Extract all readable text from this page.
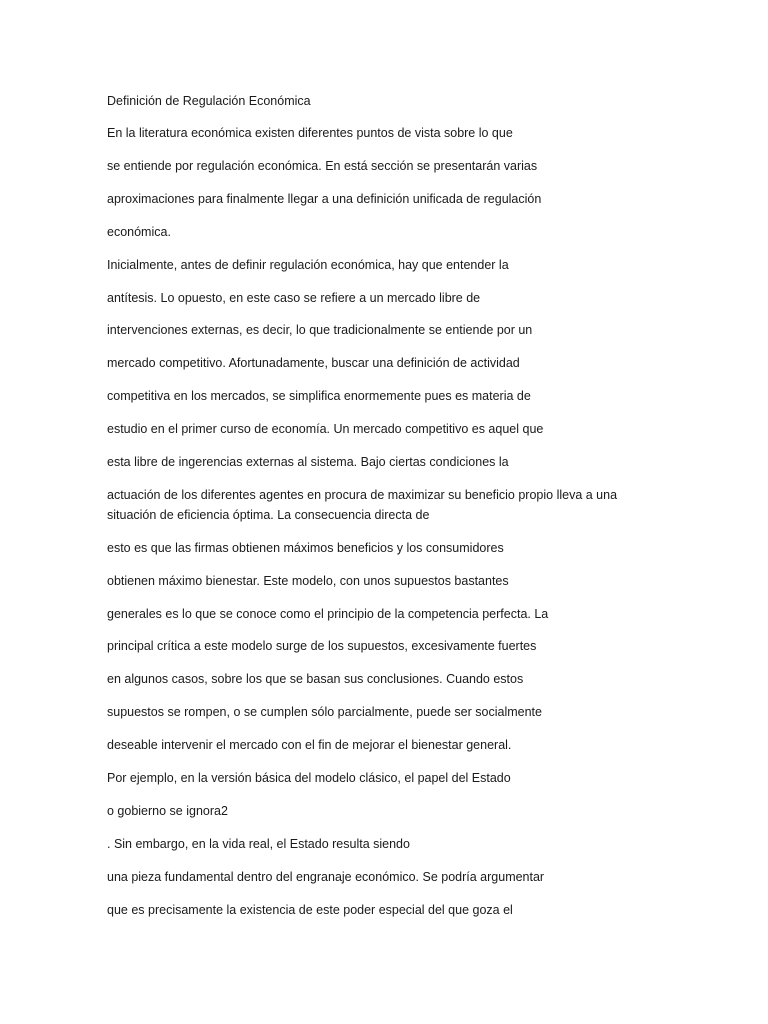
Definición de Regulación Económica
En la literatura económica existen diferentes puntos de vista sobre lo que
se entiende por regulación económica. En está sección se presentarán varias
aproximaciones para finalmente llegar a una definición unificada de regulación
económica.
Inicialmente, antes de definir regulación económica, hay que entender la
antítesis. Lo opuesto, en este caso se refiere a un mercado libre de
intervenciones externas, es decir, lo que tradicionalmente se entiende por un
mercado competitivo. Afortunadamente, buscar una definición de actividad
competitiva en los mercados, se simplifica enormemente pues es materia de
estudio en el primer curso de economía. Un mercado competitivo es aquel que
esta libre de ingerencias externas al sistema. Bajo ciertas condiciones la
actuación de los diferentes agentes en procura de maximizar su beneficio propio lleva a una
situación de eficiencia óptima. La consecuencia directa de
esto es que las firmas obtienen máximos beneficios y los consumidores
obtienen máximo bienestar. Este modelo, con unos supuestos bastantes
generales es lo que se conoce como el principio de la competencia perfecta. La
principal crítica a este modelo surge de los supuestos, excesivamente fuertes
en algunos casos, sobre los que se basan sus conclusiones. Cuando estos
supuestos se rompen, o se cumplen sólo parcialmente, puede ser socialmente
deseable intervenir el mercado con el fin de mejorar el bienestar general.
Por ejemplo, en la versión básica del modelo clásico, el papel del Estado
o gobierno se ignora2
. Sin embargo, en la vida real, el Estado resulta siendo
una pieza fundamental dentro del engranaje económico. Se podría argumentar
que es precisamente la existencia de este poder especial del que goza el
